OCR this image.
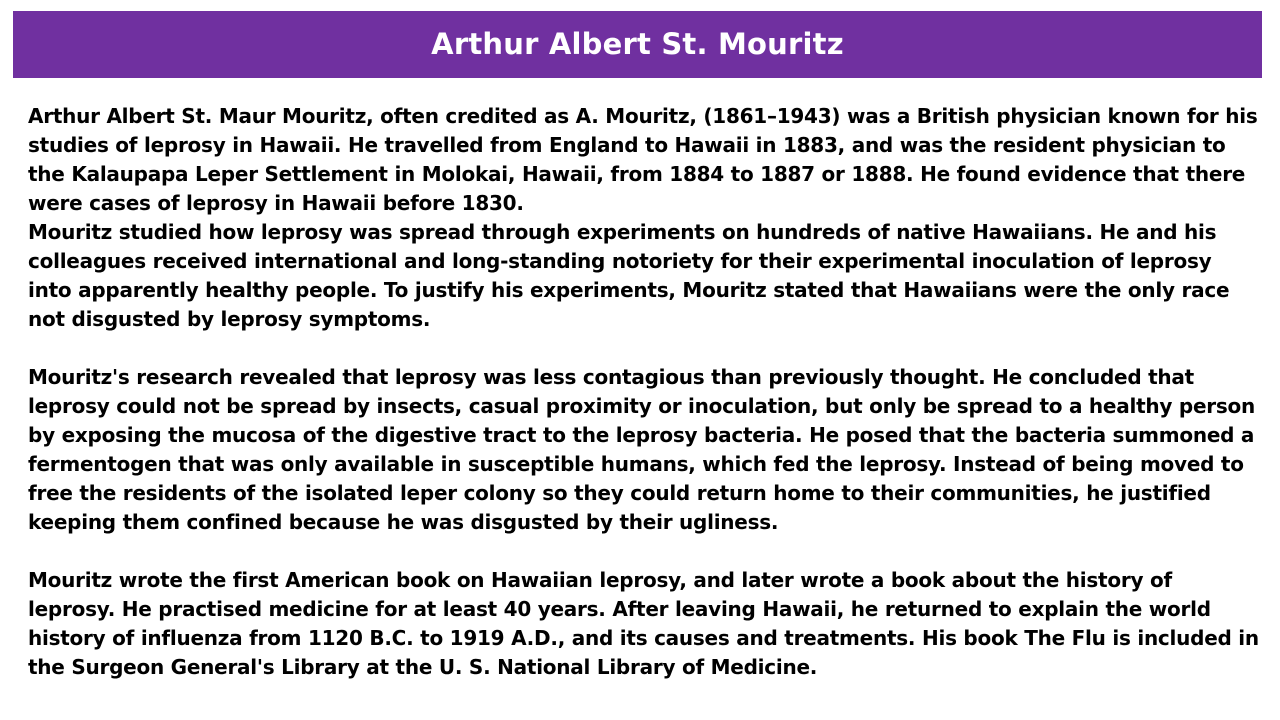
Arthur Albert St. Mouritz

Arthur Albert St. Maur Mouritz, often credited as A. Mouritz, (1861–1943) was a British physician known for his studies of leprosy in Hawaii. He travelled from England to Hawaii in 1883, and was the resident physician to the Kalaupapa Leper Settlement in Molokai, Hawaii, from 1884 to 1887 or 1888. He found evidence that there were cases of leprosy in Hawaii before 1830.

Mouritz studied how leprosy was spread through experiments on hundreds of native Hawaiians. He and his colleagues received international and long-standing notoriety for their experimental inoculation of leprosy into apparently healthy people. To justify his experiments, Mouritz stated that Hawaiians were the only race not disgusted by leprosy symptoms.

Mouritz's research revealed that leprosy was less contagious than previously thought. He concluded that leprosy could not be spread by insects, casual proximity or inoculation, but only be spread to a healthy person by exposing the mucosa of the digestive tract to the leprosy bacteria. He posed that the bacteria summoned a fermentogen that was only available in susceptible humans, which fed the leprosy. Instead of being moved to free the residents of the isolated leper colony so they could return home to their communities, he justified keeping them confined because he was disgusted by their ugliness.

Mouritz wrote the first American book on Hawaiian leprosy, and later wrote a book about the history of leprosy. He practised medicine for at least 40 years. After leaving Hawaii, he returned to explain the world history of influenza from 1120 B.C. to 1919 A.D., and its causes and treatments. His book The Flu is included in the Surgeon General's Library at the U. S. National Library of Medicine.
